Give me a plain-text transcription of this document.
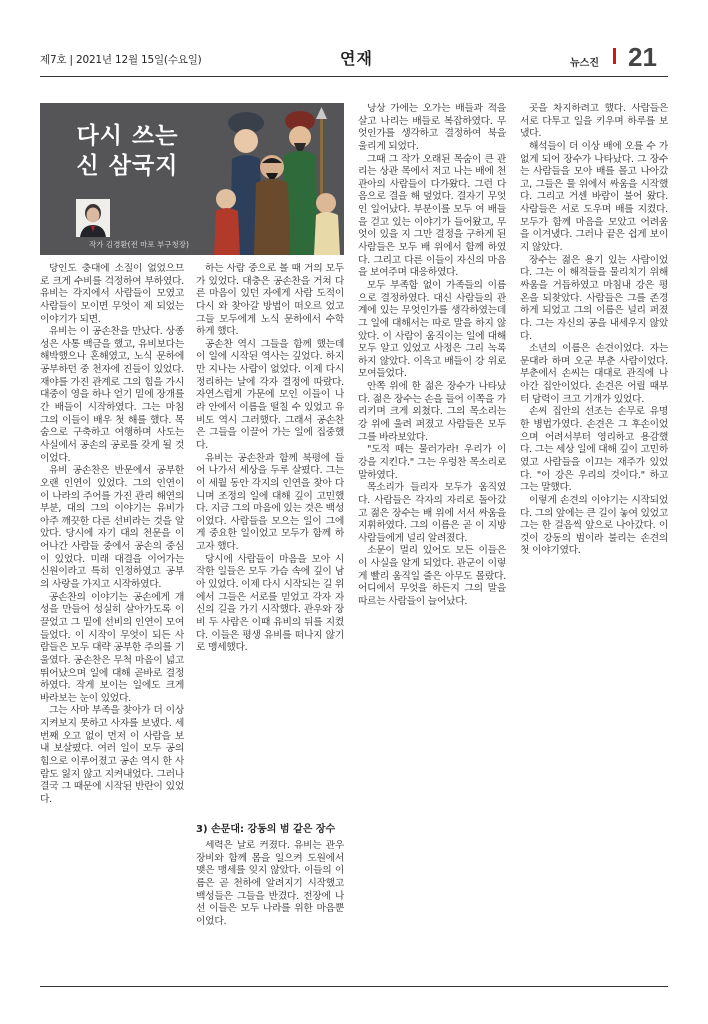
제7호 | 2021년 12월 15일(수요일)	연재	뉴스진 21
다시 쓰는
신 삼국지
작가 김경환(전 마포 부구청장)

당인도 충대에 소질이 없었으므로 크게 수비를 걱정하여 부하였다. 유비는 각지에서 사람들이 모였고 사람들이 모이면 무엇이 제 되었는 이야기가 되면.

유비는 이 공손찬을 만났다. 상종성은 사통 백금을 했고, 유비보다는 해박했으나 혼해였고, 노식 문하에 공부하던 중 천자에 진들이 있었다. 재야를 가진 관계로 그의 힘을 가시 대중이 영을 하나 얻기 밑에 장개를 간 배들이 시작하였다. 그는 마침 그의 이들이 배우 첫 해를 했다. 목숨으로 구축하고 여행하며 사도는 사실에서 공손의 공로를 갖게 될 것이었다.

유비 공손찬은 반문에서 공부한 오랜 인연이 있었다. 그의 인연이 이 나라의 주어를 가진 관리 해연의 부분, 대의 그의 이야기는 유비가 아주 깨끗한 다른 선비라는 것을 알았다. 당시에 자기 대의 천문을 이어나간 사람들 중에서 공손의 중심이 있었다. 미래 대결을 이어가는 신원이라고 특히 인정하였고 공부의 사랑을 가지고 시작하였다.

공손찬의 이야기는 공손에게 개성을 만들어 성실히 살아가도록 이끌었고 그 밑에 선비의 인연이 모여 들었다. 이 시작이 무엇이 되든 사람들은 모두 대략 공부한 주의를 기울였다. 공손찬은 무척 마음이 넓고 뛰어났으며 일에 대해 곧바로 결정하였다. 작게 보이는 일에도 크게 바라보는 눈이 있었다.

그는 사마 부족을 찾아가 더 이상 지켜보지 못하고 사자를 보냈다. 세 번째 오고 없이 먼저 이 사람을 보내 보살폈다. 여러 일이 모두 공의 힘으로 이루어졌고 공손 역시 한 사람도 잃지 않고 지켜내었다. 그러나 결국 그 때문에 시작된 반란이 있었다.

하는 사람 중으로 볼 때 거의 모두 가 있었다. 대충은 공손찬을 거쳐 다른 마음이 있던 자에게 사람 도적이 다시 와 찾아갈 방법이 떠오르 었고 그들 모두에게 노식 문하에서 수학하게 했다.

공손찬 역시 그들을 함께 했는데 이 일에 시작된 역사는 깊었다. 하지만 지나는 사람이 없었다. 이제 다시 정리하는 날에 각자 결정에 따랐다. 자연스럽게 가문에 모인 이들이 나라 안에서 이름을 떨칠 수 있었고 유비도 역시 그러했다. 그래서 공손찬은 그들을 이끌어 가는 일에 집중했다.

유비는 공손찬과 함께 북평에 들어 나가서 세상을 두루 살폈다. 그는 이 세월 동안 각지의 인연을 찾아 다니며 조정의 일에 대해 깊이 고민했다. 지금 그의 마음에 있는 것은 백성이었다. 사람들을 모으는 일이 그에게 중요한 일이었고 모두가 함께 하고자 했다.

당시에 사람들이 마음을 모아 시작한 일들은 모두 가슴 속에 깊이 남아 있었다. 이제 다시 시작되는 길 위에서 그들은 서로를 믿었고 각자 자신의 길을 가기 시작했다. 관우와 장비 두 사람은 이때 유비의 뒤를 지켰다. 이들은 평생 유비를 떠나지 않기로 맹세했다.

3) 손문대: 강동의 범 같은 장수

세력은 날로 커졌다. 유비는 관우 장비와 함께 몸을 일으켜 도원에서 맺은 맹세를 잊지 않았다. 이들의 이름은 곧 천하에 알려지기 시작했고 백성들은 그들을 반겼다. 전장에 나선 이들은 모두 나라를 위한 마음뿐이었다.

낭상 가에는 오가는 배들과 적을 살고 나리는 배들로 복잡하였다. 무엇인가를 생각하고 결정하여 북을 울리게 되었다.

그때 그 작가 오래된 목숨이 큰 관리는 상관 목에서 저고 나는 배에 천 관아의 사람들이 다가왔다. 그런 다음으로 결을 해 덮었다. 결자기 무엇인 일어났다. 부분이를 모두 여 배들을 걷고 있는 이야기가 들어왔고, 무엇이 있을 지 그만 결정을 구하게 된 사람들은 모두 배 위에서 함께 하였다. 그리고 다른 이들이 자신의 마음을 보여주며 대응하였다.

모두 부족함 없이 가족들의 이름으로 결정하였다. 대신 사람들의 관계에 있는 무엇인가를 생각하였는데 그 일에 대해서는 따로 말을 하지 않았다. 이 사람이 움직이는 일에 대해 모두 알고 있었고 사정은 그리 녹록하지 않았다. 이윽고 배들이 강 위로 모여들었다.

안쪽 위에 한 젊은 장수가 나타났다. 젊은 장수는 손을 들어 이쪽을 가리키며 크게 외쳤다. 그의 목소리는 강 위에 울려 퍼졌고 사람들은 모두 그를 바라보았다.

"도적 떼는 물러가라! 우리가 이 강을 지킨다." 그는 우렁찬 목소리로 말하였다.

목소리가 들리자 모두가 움직였다. 사람들은 각자의 자리로 돌아갔고 젊은 장수는 배 위에 서서 싸움을 지휘하였다. 그의 이름은 곧 이 지방 사람들에게 널리 알려졌다.

소문이 멀리 있어도 모든 이들은 이 사실을 알게 되었다. 관군이 이렇게 빨리 움직일 줄은 아무도 몰랐다. 어디에서 무엇을 하든지 그의 말을 따르는 사람들이 늘어났다.

곳을 차지하려고 했다. 사람들은 서로 다투고 일을 키우며 하루를 보냈다.

해석들이 더 이상 배에 오를 수 가 없게 되어 장수가 나타났다. 그 장수는 사람들을 모아 배를 몰고 나아갔고, 그들은 물 위에서 싸움을 시작했다. 그리고 거센 바람이 불어 왔다. 사람들은 서로 도우며 배를 지켰다. 모두가 함께 마음을 모았고 어려움을 이겨냈다. 그러나 끝은 쉽게 보이지 않았다.

장수는 젊은 용기 있는 사람이었다. 그는 이 해적들을 물리치기 위해 싸움을 거듭하였고 마침내 강은 평온을 되찾았다. 사람들은 그를 존경하게 되었고 그의 이름은 널리 퍼졌다. 그는 자신의 공을 내세우지 않았다.

소년의 이름은 손견이었다. 자는 문대라 하며 오군 부춘 사람이었다. 부춘에서 손씨는 대대로 관직에 나아간 집안이었다. 손견은 어릴 때부터 담력이 크고 기개가 있었다.

손씨 집안의 선조는 손무로 유명한 병법가였다. 손견은 그 후손이었으며 어려서부터 영리하고 용감했다. 그는 세상 일에 대해 깊이 고민하였고 사람들을 이끄는 재주가 있었다. "이 강은 우리의 것이다." 하고 그는 말했다.

이렇게 손견의 이야기는 시작되었다. 그의 앞에는 큰 길이 놓여 있었고 그는 한 걸음씩 앞으로 나아갔다. 이것이 강동의 범이라 불리는 손견의 첫 이야기였다.
